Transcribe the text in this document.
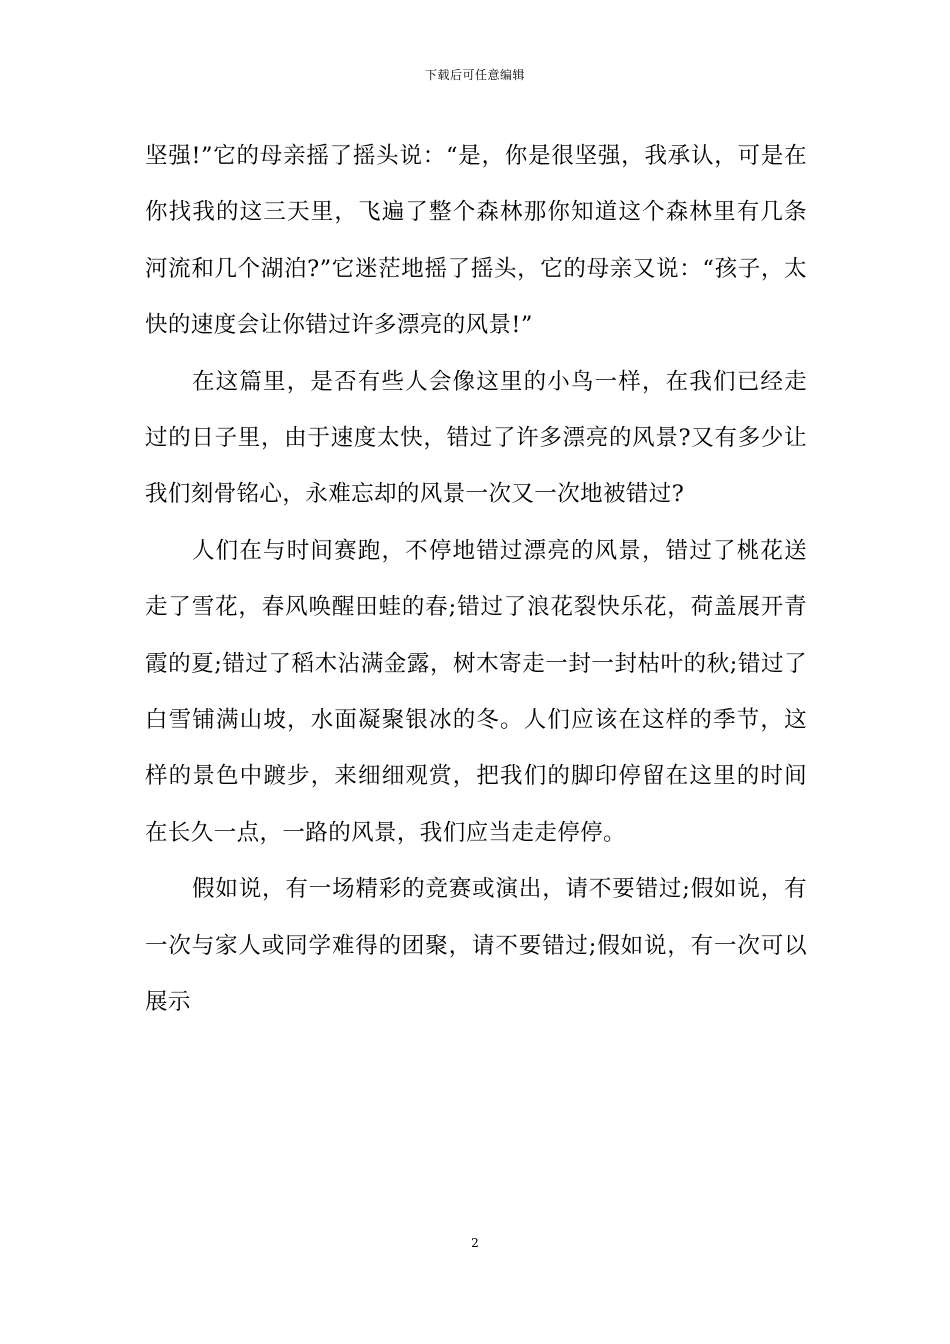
下载后可任意编辑

坚强!”它的母亲摇了摇头说：“是，你是很坚强，我承认，可是在你找我的这三天里，飞遍了整个森林那你知道这个森林里有几条河流和几个湖泊?”它迷茫地摇了摇头，它的母亲又说：“孩子，太快的速度会让你错过许多漂亮的风景!”

在这篇里，是否有些人会像这里的小鸟一样，在我们已经走过的日子里，由于速度太快，错过了许多漂亮的风景?又有多少让我们刻骨铭心，永难忘却的风景一次又一次地被错过?

人们在与时间赛跑，不停地错过漂亮的风景，错过了桃花送走了雪花，春风唤醒田蛙的春;错过了浪花裂快乐花，荷盖展开青霞的夏;错过了稻木沾满金露，树木寄走一封一封枯叶的秋;错过了白雪铺满山坡，水面凝聚银冰的冬。人们应该在这样的季节，这样的景色中踱步，来细细观赏，把我们的脚印停留在这里的时间在长久一点，一路的风景，我们应当走走停停。

假如说，有一场精彩的竞赛或演出，请不要错过;假如说，有一次与家人或同学难得的团聚，请不要错过;假如说，有一次可以展示

2
